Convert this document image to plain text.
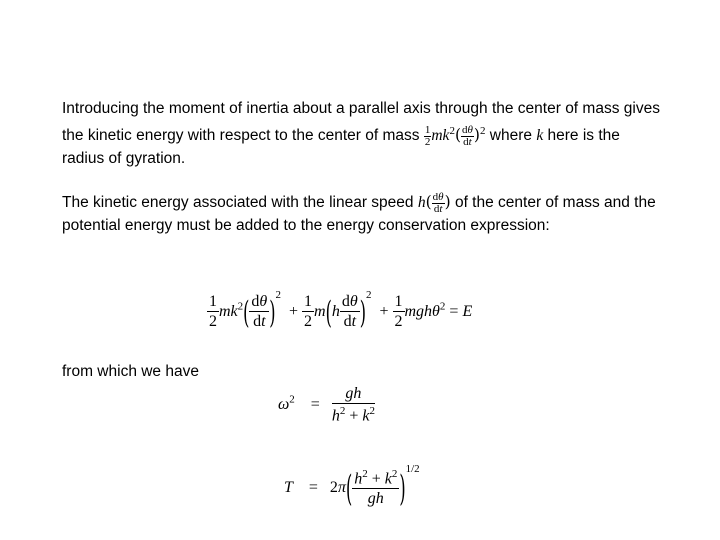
Introducing the moment of inertia about a parallel axis through the center of mass gives the kinetic energy with respect to the center of mass $\frac{1}{2} mk^2( \frac{d\theta}{dt} )^2$ where k here is the radius of gyration.

The kinetic energy associated with the linear speed $h( \frac{d\theta}{dt}$ ) of the center of mass and the potential energy must be added to the energy conservation expression:

$\frac{1}{2} mk^2( \frac{d\theta}{dt} )^2 + \frac{1}{2} m(h \frac{d\theta}{dt} )^2 + \frac{1}{2} mgh\theta^2 = E$

from which we have

$\omega^2$    = $\frac{gh}{h^2 + k^2}$
T    =   $2\pi( \frac{h^2 + k^2}{gh} )^{1/2}$
